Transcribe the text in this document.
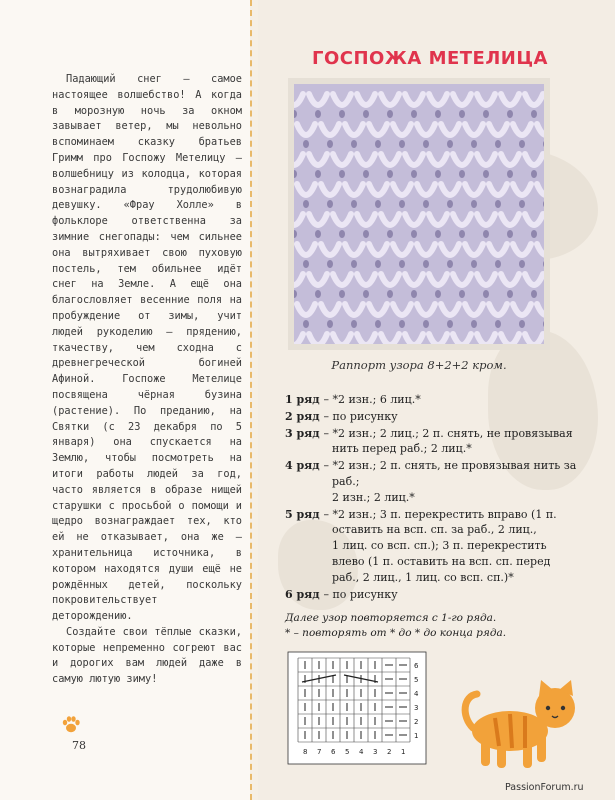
Падающий снег – самое настоящее волшебство! А когда в морозную ночь за окном завывает ветер, мы невольно вспоминаем сказку братьев Гримм про Госпожу Метелицу – волшебницу из колодца, которая вознаградила трудолюбивую девушку. «Фрау Холле» в фольклоре ответственна за зимние снегопады: чем сильнее она вытряхивает свою пуховую постель, тем обильнее идёт снег на Земле. А ещё она благословляет весенние поля на пробуждение от зимы, учит людей рукоделию – прядению, ткачеству, чем сходна с древнегреческой богиней Афиной. Госпоже Метелице посвящена чёрная бузина (растение). По преданию, на Святки (с 23 декабря по 5 января) она спускается на Землю, чтобы посмотреть на итоги работы людей за год, часто является в образе нищей старушки с просьбой о помощи и щедро вознаграждает тех, кто ей не отказывает, она же – хранительница источника, в котором находятся души ещё не рождённых детей, поскольку покровительствует деторождению.

Создайте свои тёплые сказки, которые непременно согреют вас и дорогих вам людей даже в самую лютую зиму!

78
ГОСПОЖА МЕТЕЛИЦА
Раппорт узора 8+2+2 кром.
1 ряд – *2 изн.; 6 лиц.*
2 ряд – по рисунку
3 ряд – *2 изн.; 2 лиц.; 2 п. снять, не провязывая
нить перед раб.; 2 лиц.*
4 ряд – *2 изн.; 2 п. снять, не провязывая нить за
раб.;
2 изн.; 2 лиц.*
5 ряд – *2 изн.; 3 п. перекрестить вправо (1 п.
оставить на всп. сп. за раб., 2 лиц.,
1 лиц. со всп. сп.); 3 п. перекрестить
влево (1 п. оставить на всп. сп. перед
раб., 2 лиц., 1 лиц. со всп. сп.)*
6 ряд – по рисунку
Далее узор повторяется с 1-го ряда.
* – повторять от * до * до конца ряда.
6
5
4
3
2
1
8 7 6 5 4 3 2 1
PassionForum.ru
